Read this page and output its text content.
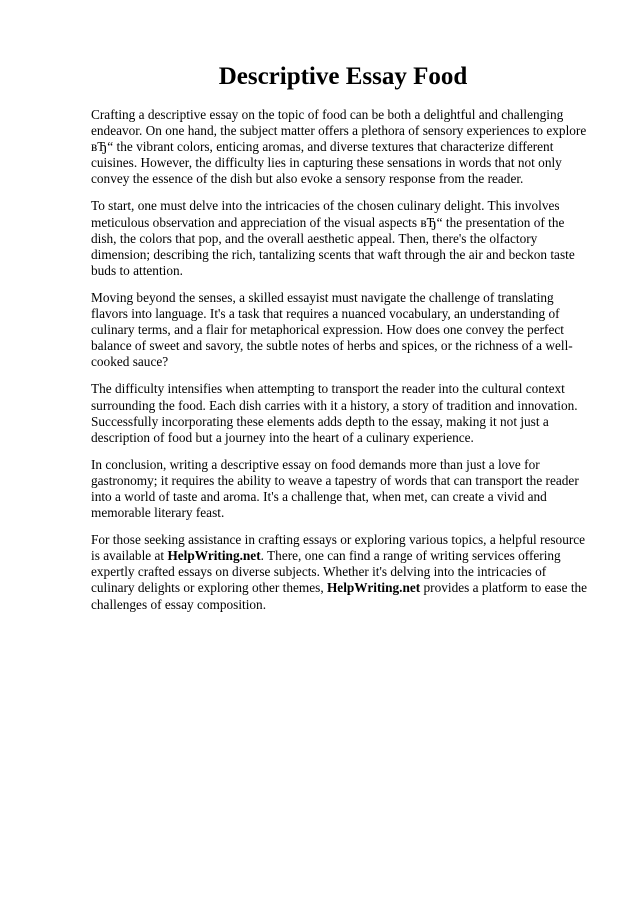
Descriptive Essay Food

Crafting a descriptive essay on the topic of food can be both a delightful and challenging endeavor. On one hand, the subject matter offers a plethora of sensory experiences to explore вЂ“ the vibrant colors, enticing aromas, and diverse textures that characterize different cuisines. However, the difficulty lies in capturing these sensations in words that not only convey the essence of the dish but also evoke a sensory response from the reader.

To start, one must delve into the intricacies of the chosen culinary delight. This involves meticulous observation and appreciation of the visual aspects вЂ“ the presentation of the dish, the colors that pop, and the overall aesthetic appeal. Then, there's the olfactory dimension; describing the rich, tantalizing scents that waft through the air and beckon taste buds to attention.

Moving beyond the senses, a skilled essayist must navigate the challenge of translating flavors into language. It's a task that requires a nuanced vocabulary, an understanding of culinary terms, and a flair for metaphorical expression. How does one convey the perfect balance of sweet and savory, the subtle notes of herbs and spices, or the richness of a well-cooked sauce?

The difficulty intensifies when attempting to transport the reader into the cultural context surrounding the food. Each dish carries with it a history, a story of tradition and innovation. Successfully incorporating these elements adds depth to the essay, making it not just a description of food but a journey into the heart of a culinary experience.

In conclusion, writing a descriptive essay on food demands more than just a love for gastronomy; it requires the ability to weave a tapestry of words that can transport the reader into a world of taste and aroma. It's a challenge that, when met, can create a vivid and memorable literary feast.

For those seeking assistance in crafting essays or exploring various topics, a helpful resource is available at HelpWriting.net. There, one can find a range of writing services offering expertly crafted essays on diverse subjects. Whether it's delving into the intricacies of culinary delights or exploring other themes, HelpWriting.net provides a platform to ease the challenges of essay composition.
